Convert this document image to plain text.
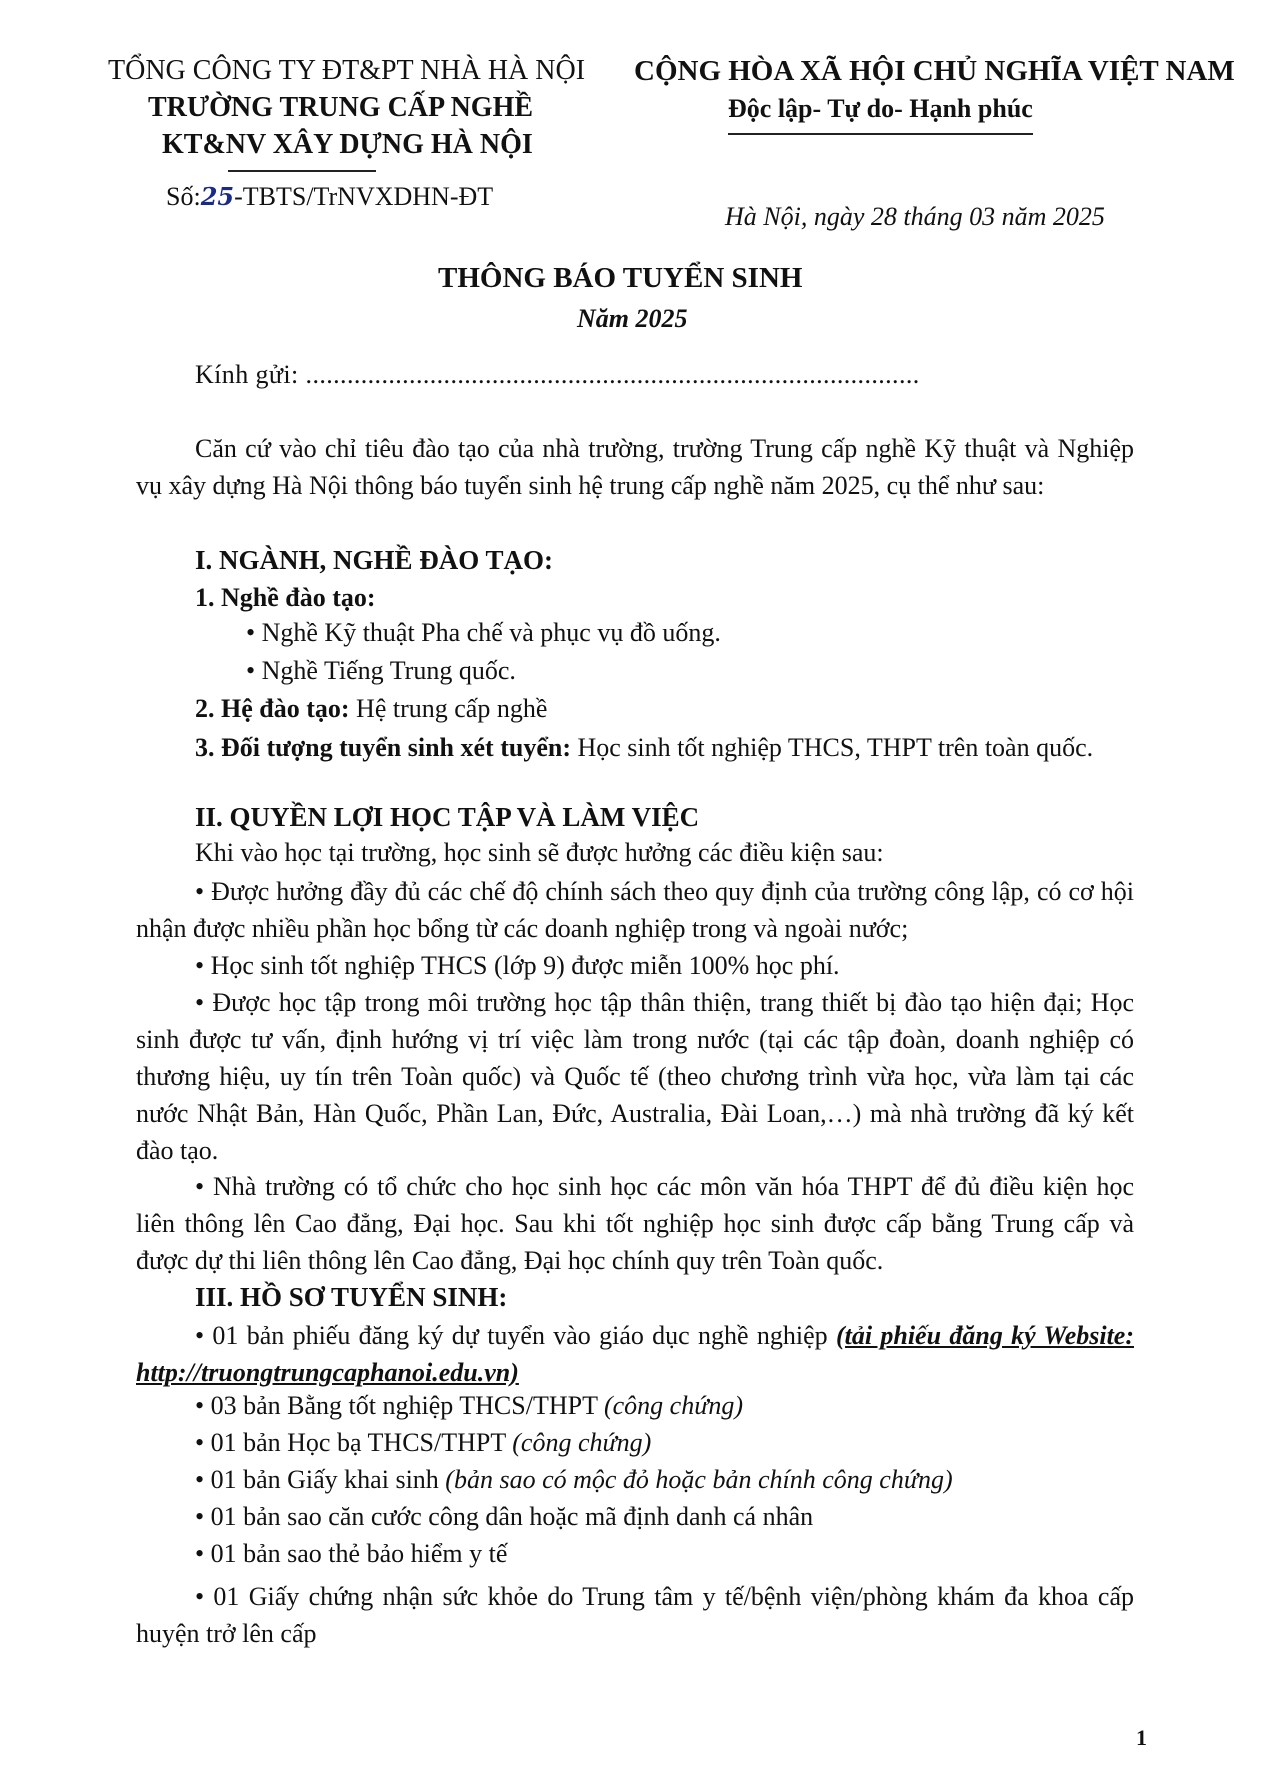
TỔNG CÔNG TY ĐT&PT NHÀ HÀ NỘI
TRƯỜNG TRUNG CẤP NGHỀ
KT&NV XÂY DỰNG HÀ NỘI
Số:25-TBTS/TrNVXDHN-ĐT
CỘNG HÒA XÃ HỘI CHỦ NGHĨA VIỆT NAM
Độc lập- Tự do- Hạnh phúc
Hà Nội, ngày 28 tháng 03 năm 2025
THÔNG BÁO TUYỂN SINH
Năm 2025
Kính gửi: .........................................................................................
Căn cứ vào chỉ tiêu đào tạo của nhà trường, trường Trung cấp nghề Kỹ thuật và Nghiệp vụ xây dựng Hà Nội thông báo tuyển sinh hệ trung cấp nghề năm 2025, cụ thể như sau:
I. NGÀNH, NGHỀ ĐÀO TẠO:
1. Nghề đào tạo:
• Nghề Kỹ thuật Pha chế và phục vụ đồ uống.
• Nghề Tiếng Trung quốc.
2. Hệ đào tạo: Hệ trung cấp nghề
3. Đối tượng tuyển sinh xét tuyển: Học sinh tốt nghiệp THCS, THPT trên toàn quốc.
II. QUYỀN LỢI HỌC TẬP VÀ LÀM VIỆC
Khi vào học tại trường, học sinh sẽ được hưởng các điều kiện sau:
• Được hưởng đầy đủ các chế độ chính sách theo quy định của trường công lập, có cơ hội nhận được nhiều phần học bổng từ các doanh nghiệp trong và ngoài nước;
• Học sinh tốt nghiệp THCS (lớp 9) được miễn 100% học phí.
• Được học tập trong môi trường học tập thân thiện, trang thiết bị đào tạo hiện đại; Học sinh được tư vấn, định hướng vị trí việc làm trong nước (tại các tập đoàn, doanh nghiệp có thương hiệu, uy tín trên Toàn quốc) và Quốc tế (theo chương trình vừa học, vừa làm tại các nước Nhật Bản, Hàn Quốc, Phần Lan, Đức, Australia, Đài Loan,…) mà nhà trường đã ký kết đào tạo.
• Nhà trường có tổ chức cho học sinh học các môn văn hóa THPT để đủ điều kiện học liên thông lên Cao đẳng, Đại học. Sau khi tốt nghiệp học sinh được cấp bằng Trung cấp và được dự thi liên thông lên Cao đẳng, Đại học chính quy trên Toàn quốc.
III. HỒ SƠ TUYỂN SINH:
• 01 bản phiếu đăng ký dự tuyển vào giáo dục nghề nghiệp (tải phiếu đăng ký Website: http://truongtrungcaphanoi.edu.vn)
• 03 bản Bằng tốt nghiệp THCS/THPT (công chứng)
• 01 bản Học bạ THCS/THPT (công chứng)
• 01 bản Giấy khai sinh (bản sao có mộc đỏ hoặc bản chính công chứng)
• 01 bản sao căn cước công dân hoặc mã định danh cá nhân
• 01 bản sao thẻ bảo hiểm y tế
• 01 Giấy chứng nhận sức khỏe do Trung tâm y tế/bệnh viện/phòng khám đa khoa cấp huyện trở lên cấp
1
